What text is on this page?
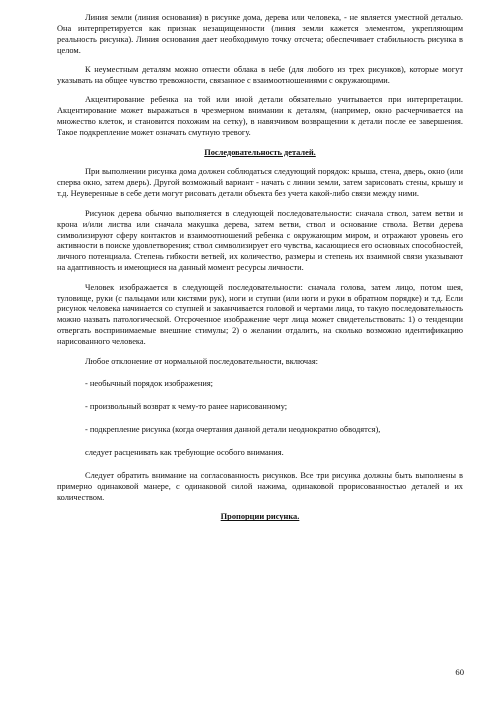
Линия земли (линия основания) в рисунке дома, дерева или человека, - не является уместной деталью. Она интерпретируется как признак незащищенности (линия земли кажется элементом, укрепляющим реальность рисунка). Линия основания дает необходимую точку отсчета; обеспечивает стабильность рисунка в целом.

К неуместным деталям можно отнести облака в небе (для любого из трех рисунков), которые могут указывать на общее чувство тревожности, связанное с взаимоотношениями с окружающими.

Акцентирование ребенка на той или иной детали обязательно учитывается при интерпретации. Акцентирование может выражаться в чрезмерном внимании к деталям, (например, окно расчерчивается на множество клеток, и становится похожим на сетку), в навязчивом возвращении к детали после ее завершения. Такое подкрепление может означать смутную тревогу.

Последовательность деталей.

При выполнении рисунка дома должен соблюдаться следующий порядок: крыша, стена, дверь, окно (или сперва окно, затем дверь). Другой возможный вариант - начать с линии земли, затем зарисовать стены, крышу и т.д. Неуверенные в себе дети могут рисовать детали объекта без учета какой-либо связи между ними.

Рисунок дерева обычно выполняется в следующей последовательности: сначала ствол, затем ветви и крона и/или листва или сначала макушка дерева, затем ветви, ствол и основание ствола. Ветви дерева символизируют сферу контактов и взаимоотношений ребенка с окружающим миром, и отражают уровень его активности в поиске удовлетворения; ствол символизирует его чувства, касающиеся его основных способностей, личного потенциала. Степень гибкости ветвей, их количество, размеры и степень их взаимной связи указывают на адаптивность и имеющиеся на данный момент ресурсы личности.

Человек изображается в следующей последовательности: сначала голова, затем лицо, потом шея, туловище, руки (с пальцами или кистями рук), ноги и ступни (или ноги и руки в обратном порядке) и т.д. Если рисунок человека начинается со ступней и заканчивается головой и чертами лица, то такую последовательность можно назвать патологической. Отсроченное изображение черт лица может свидетельствовать: 1) о тенденции отвергать воспринимаемые внешние стимулы; 2) о желании отдалить, на сколько возможно идентификацию нарисованного человека.

Любое отклонение от нормальной последовательности, включая:

- необычный порядок изображения;

- произвольный возврат к чему-то ранее нарисованному;

- подкрепление рисунка (когда очертания данной детали неоднократно обводятся),

следует расценивать как требующие особого внимания.

Следует обратить внимание на согласованность рисунков. Все три рисунка должны быть выполнены в примерно одинаковой манере, с одинаковой силой нажима, одинаковой прорисованностью деталей и их количеством.

Пропорции рисунка.

60
